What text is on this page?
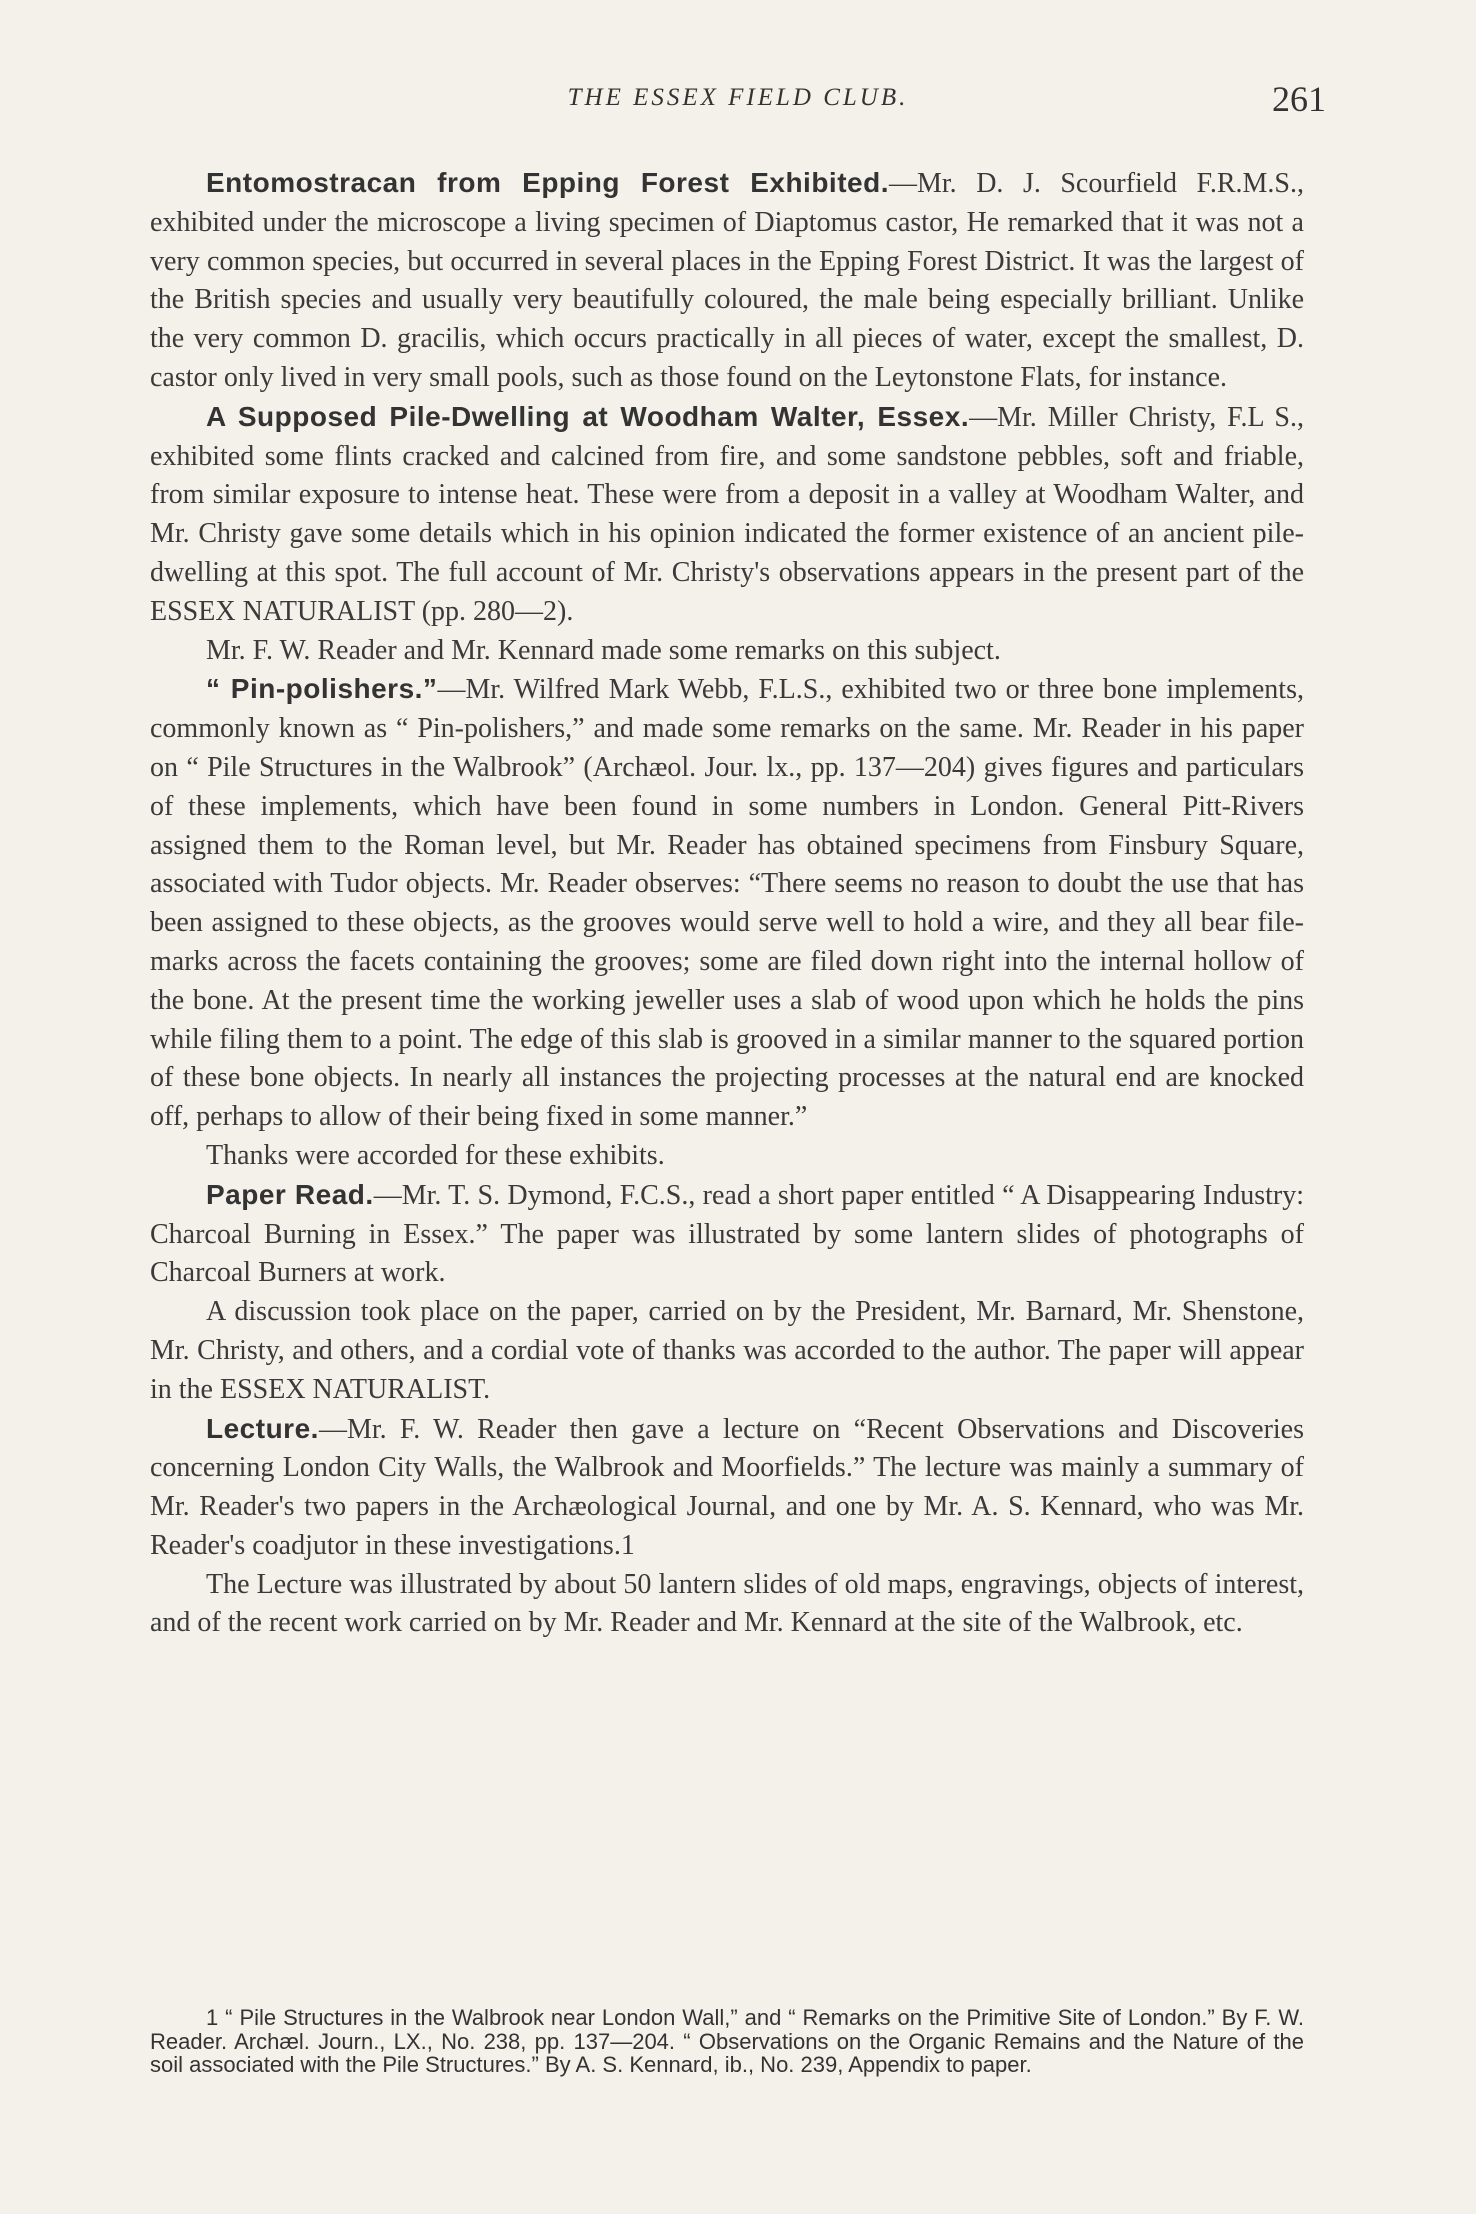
THE ESSEX FIELD CLUB.	261

Entomostracan from Epping Forest Exhibited.—Mr. D. J. Scourfield F.R.M.S., exhibited under the microscope a living specimen of Diaptomus castor, He remarked that it was not a very common species, but occurred in several places in the Epping Forest District. It was the largest of the British species and usually very beautifully coloured, the male being especially brilliant. Unlike the very common D. gracilis, which occurs practically in all pieces of water, except the smallest, D. castor only lived in very small pools, such as those found on the Leytonstone Flats, for instance.

A Supposed Pile-Dwelling at Woodham Walter, Essex.—Mr. Miller Christy, F.L S., exhibited some flints cracked and calcined from fire, and some sandstone pebbles, soft and friable, from similar exposure to intense heat. These were from a deposit in a valley at Woodham Walter, and Mr. Christy gave some details which in his opinion indicated the former existence of an ancient pile-dwelling at this spot. The full account of Mr. Christy's observations appears in the present part of the ESSEX NATURALIST (pp. 280—2).

Mr. F. W. Reader and Mr. Kennard made some remarks on this subject.

“ Pin-polishers.”—Mr. Wilfred Mark Webb, F.L.S., exhibited two or three bone implements, commonly known as “ Pin-polishers,” and made some remarks on the same. Mr. Reader in his paper on “ Pile Structures in the Walbrook” (Archæol. Jour. lx., pp. 137—204) gives figures and particulars of these implements, which have been found in some numbers in London. General Pitt-Rivers assigned them to the Roman level, but Mr. Reader has obtained specimens from Finsbury Square, associated with Tudor objects. Mr. Reader observes: “There seems no reason to doubt the use that has been assigned to these objects, as the grooves would serve well to hold a wire, and they all bear file-marks across the facets containing the grooves; some are filed down right into the internal hollow of the bone. At the present time the working jeweller uses a slab of wood upon which he holds the pins while filing them to a point. The edge of this slab is grooved in a similar manner to the squared portion of these bone objects. In nearly all instances the projecting processes at the natural end are knocked off, perhaps to allow of their being fixed in some manner.”

Thanks were accorded for these exhibits.

Paper Read.—Mr. T. S. Dymond, F.C.S., read a short paper entitled “ A Disappearing Industry: Charcoal Burning in Essex.” The paper was illustrated by some lantern slides of photographs of Charcoal Burners at work.

A discussion took place on the paper, carried on by the President, Mr. Barnard, Mr. Shenstone, Mr. Christy, and others, and a cordial vote of thanks was accorded to the author. The paper will appear in the ESSEX NATURALIST.

Lecture.—Mr. F. W. Reader then gave a lecture on “Recent Observations and Discoveries concerning London City Walls, the Walbrook and Moorfields.” The lecture was mainly a summary of Mr. Reader's two papers in the Archæological Journal, and one by Mr. A. S. Kennard, who was Mr. Reader's coadjutor in these investigations.1

The Lecture was illustrated by about 50 lantern slides of old maps, engravings, objects of interest, and of the recent work carried on by Mr. Reader and Mr. Kennard at the site of the Walbrook, etc.

1 “ Pile Structures in the Walbrook near London Wall,” and “ Remarks on the Primitive Site of London.” By F. W. Reader. Archæl. Journ., LX., No. 238, pp. 137—204. “ Observations on the Organic Remains and the Nature of the soil associated with the Pile Structures.” By A. S. Kennard, ib., No. 239, Appendix to paper.
